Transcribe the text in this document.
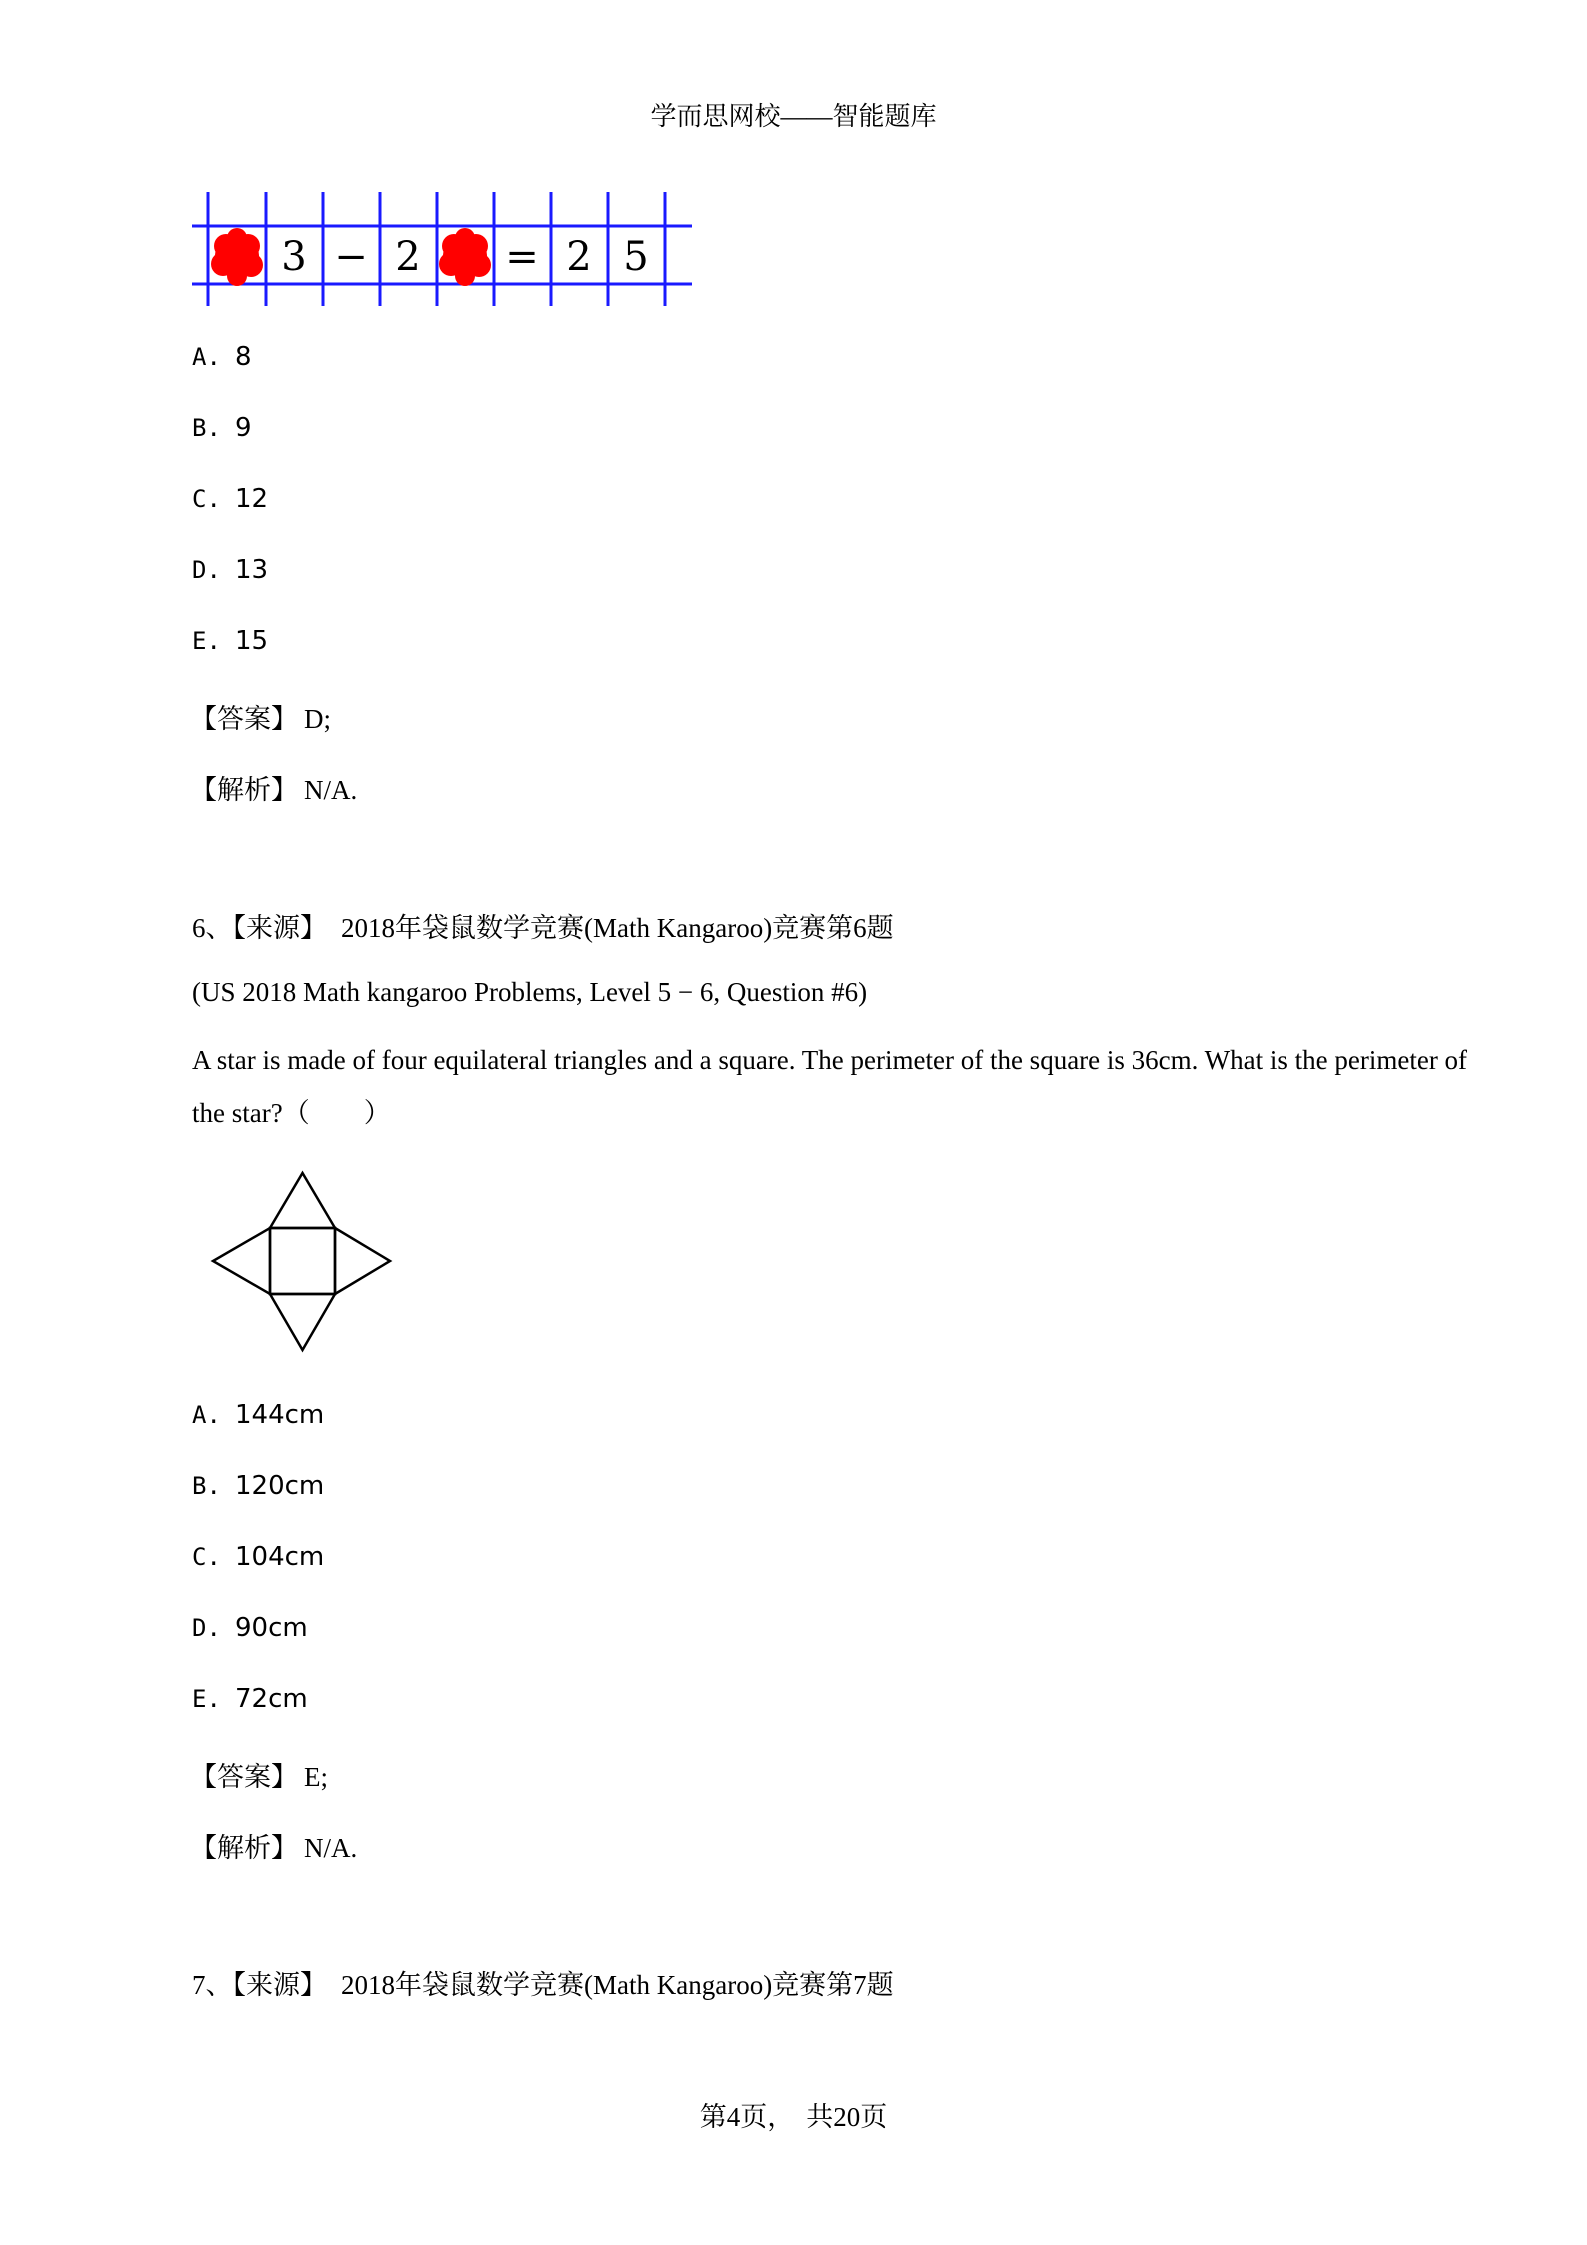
学而思网校——智能题库
3 − 2 = 2 5
A. 8
B. 9
C. 12
D. 13
E. 15
【答案】 D;
【解析】 N/A.
6、【来源】 2018年袋鼠数学竞赛(Math Kangaroo)竞赛第6题
(US 2018 Math kangaroo Problems, Level 5 − 6, Question #6)
A star is made of four equilateral triangles and a square. The perimeter of the square is 36cm. What is the perimeter of the star?（　　）
A. 144cm
B. 120cm
C. 104cm
D. 90cm
E. 72cm
【答案】 E;
【解析】 N/A.
7、【来源】 2018年袋鼠数学竞赛(Math Kangaroo)竞赛第7题
第4页， 共20页
